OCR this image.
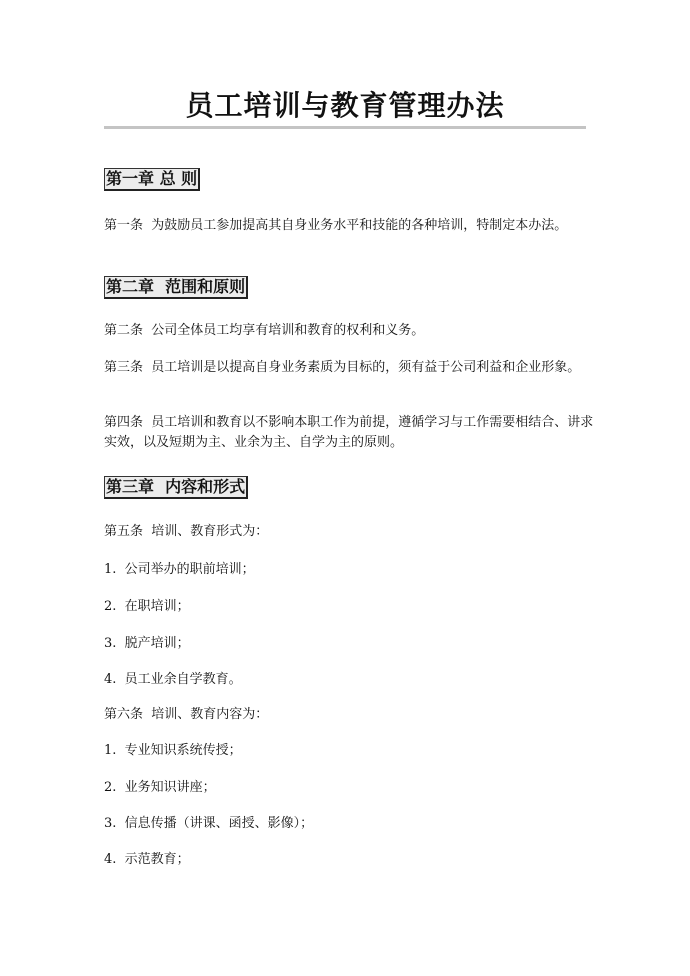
员工培训与教育管理办法
第一章 总 则

第一条  为鼓励员工参加提高其自身业务水平和技能的各种培训，特制定本办法。

第二章  范围和原则

第二条  公司全体员工均享有培训和教育的权利和义务。

第三条  员工培训是以提高自身业务素质为目标的，须有益于公司利益和企业形象。

第四条  员工培训和教育以不影响本职工作为前提，遵循学习与工作需要相结合、讲求实效，以及短期为主、业余为主、自学为主的原则。

第三章  内容和形式

第五条  培训、教育形式为：

1.  公司举办的职前培训；

2.  在职培训；

3.  脱产培训；

4.  员工业余自学教育。

第六条  培训、教育内容为：

1.  专业知识系统传授；

2.  业务知识讲座；

3.  信息传播（讲课、函授、影像）；

4.  示范教育；
